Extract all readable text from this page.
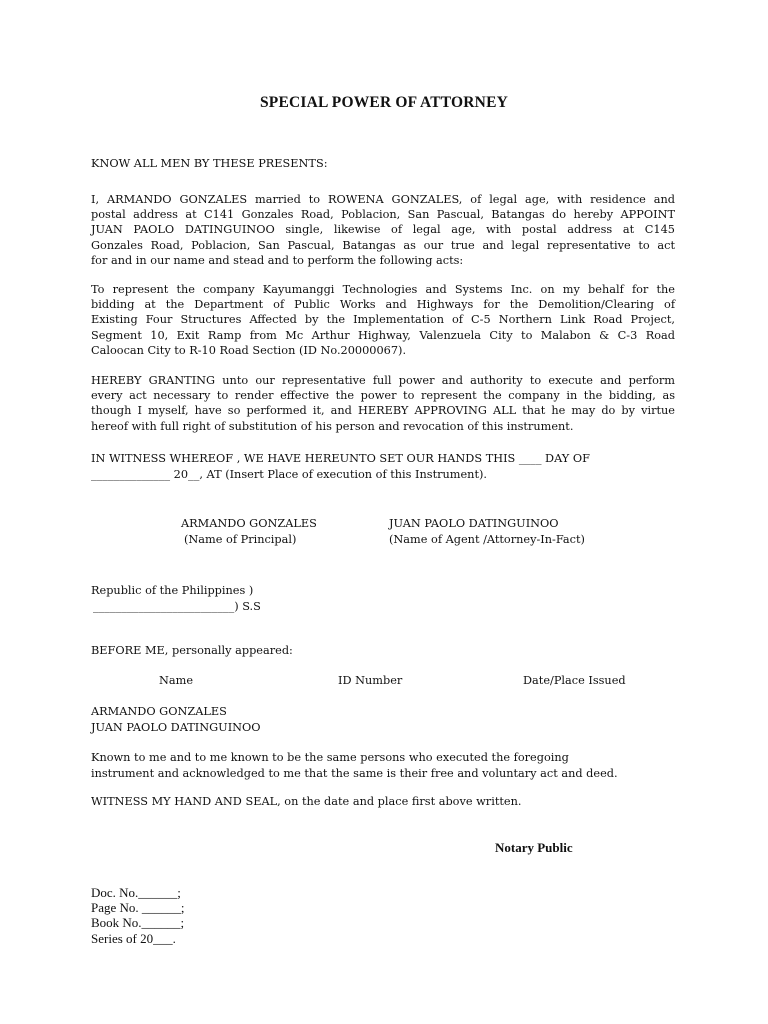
SPECIAL POWER OF ATTORNEY
KNOW ALL MEN BY THESE PRESENTS:
I, ARMANDO GONZALES married to ROWENA GONZALES, of legal age, with residence and
postal address at C141 Gonzales Road, Poblacion, San Pascual, Batangas do hereby APPOINT
JUAN PAOLO DATINGUINOO single, likewise of legal age, with postal address at C145
Gonzales Road, Poblacion, San Pascual, Batangas as our true and legal representative to act
for and in our name and stead and to perform the following acts:
To represent the company Kayumanggi Technologies and Systems Inc. on my behalf for the
bidding at the Department of Public Works and Highways for the Demolition/Clearing of
Existing Four Structures Affected by the Implementation of C-5 Northern Link Road Project,
Segment 10, Exit Ramp from Mc Arthur Highway, Valenzuela City to Malabon & C-3 Road
Caloocan City to R-10 Road Section (ID No.20000067).
HEREBY GRANTING unto our representative full power and authority to execute and perform
every act necessary to render effective the power to represent the company in the bidding, as
though I myself, have so performed it, and HEREBY APPROVING ALL that he may do by virtue
hereof with full right of substitution of his person and revocation of this instrument.
IN WITNESS WHEREOF , WE HAVE HEREUNTO SET OUR HANDS THIS ____ DAY OF
______________ 20__, AT (Insert Place of execution of this Instrument).
ARMANDO GONZALES
(Name of Principal)
JUAN PAOLO DATINGUINOO
(Name of Agent /Attorney-In-Fact)
Republic of the Philippines )
_________________________) S.S
BEFORE ME, personally appeared:
Name	ID Number	Date/Place Issued
ARMANDO GONZALES
JUAN PAOLO DATINGUINOO
Known to me and to me known to be the same persons who executed the foregoing
instrument and acknowledged to me that the same is their free and voluntary act and deed.
WITNESS MY HAND AND SEAL, on the date and place first above written.
Notary Public
Doc. No.______;
Page No. ______;
Book No.______;
Series of 20___.
